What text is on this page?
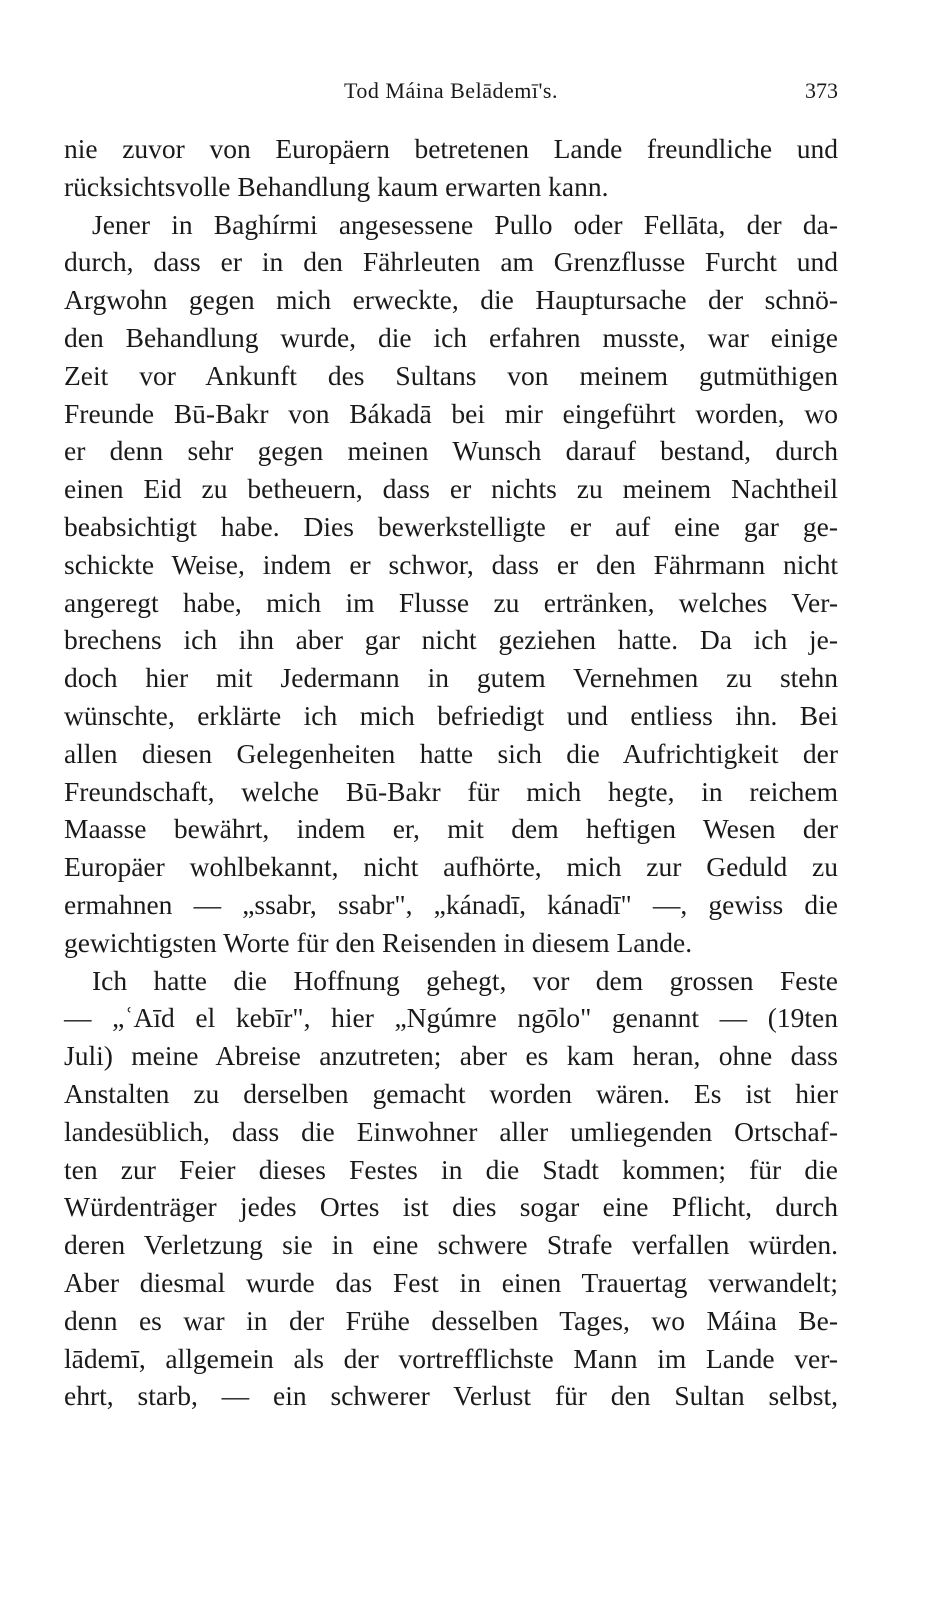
Tod Máina Belādemī's.	373
nie zuvor von Europäern betretenen Lande freundliche und
rücksichtsvolle Behandlung kaum erwarten kann.
Jener in Baghírmi angesessene Pullo oder Fellāta, der da-
durch, dass er in den Fährleuten am Grenzflusse Furcht und
Argwohn gegen mich erweckte, die Hauptursache der schnö-
den Behandlung wurde, die ich erfahren musste, war einige
Zeit vor Ankunft des Sultans von meinem gutmüthigen
Freunde Bū-Bakr von Bákadā bei mir eingeführt worden, wo
er denn sehr gegen meinen Wunsch darauf bestand, durch
einen Eid zu betheuern, dass er nichts zu meinem Nachtheil
beabsichtigt habe. Dies bewerkstelligte er auf eine gar ge-
schickte Weise, indem er schwor, dass er den Fährmann nicht
angeregt habe, mich im Flusse zu ertränken, welches Ver-
brechens ich ihn aber gar nicht geziehen hatte. Da ich je-
doch hier mit Jedermann in gutem Vernehmen zu stehn
wünschte, erklärte ich mich befriedigt und entliess ihn. Bei
allen diesen Gelegenheiten hatte sich die Aufrichtigkeit der
Freundschaft, welche Bū-Bakr für mich hegte, in reichem
Maasse bewährt, indem er, mit dem heftigen Wesen der
Europäer wohlbekannt, nicht aufhörte, mich zur Geduld zu
ermahnen — „ssabr, ssabr", „kánadī, kánadī" —, gewiss die
gewichtigsten Worte für den Reisenden in diesem Lande.
Ich hatte die Hoffnung gehegt, vor dem grossen Feste
— „ʿAīd el kebīr", hier „Ngúmre ngōlo" genannt — (19ten
Juli) meine Abreise anzutreten; aber es kam heran, ohne dass
Anstalten zu derselben gemacht worden wären. Es ist hier
landesüblich, dass die Einwohner aller umliegenden Ortschaf-
ten zur Feier dieses Festes in die Stadt kommen; für die
Würdenträger jedes Ortes ist dies sogar eine Pflicht, durch
deren Verletzung sie in eine schwere Strafe verfallen würden.
Aber diesmal wurde das Fest in einen Trauertag verwandelt;
denn es war in der Frühe desselben Tages, wo Máina Be-
lādemī, allgemein als der vortrefflichste Mann im Lande ver-
ehrt, starb, — ein schwerer Verlust für den Sultan selbst,
